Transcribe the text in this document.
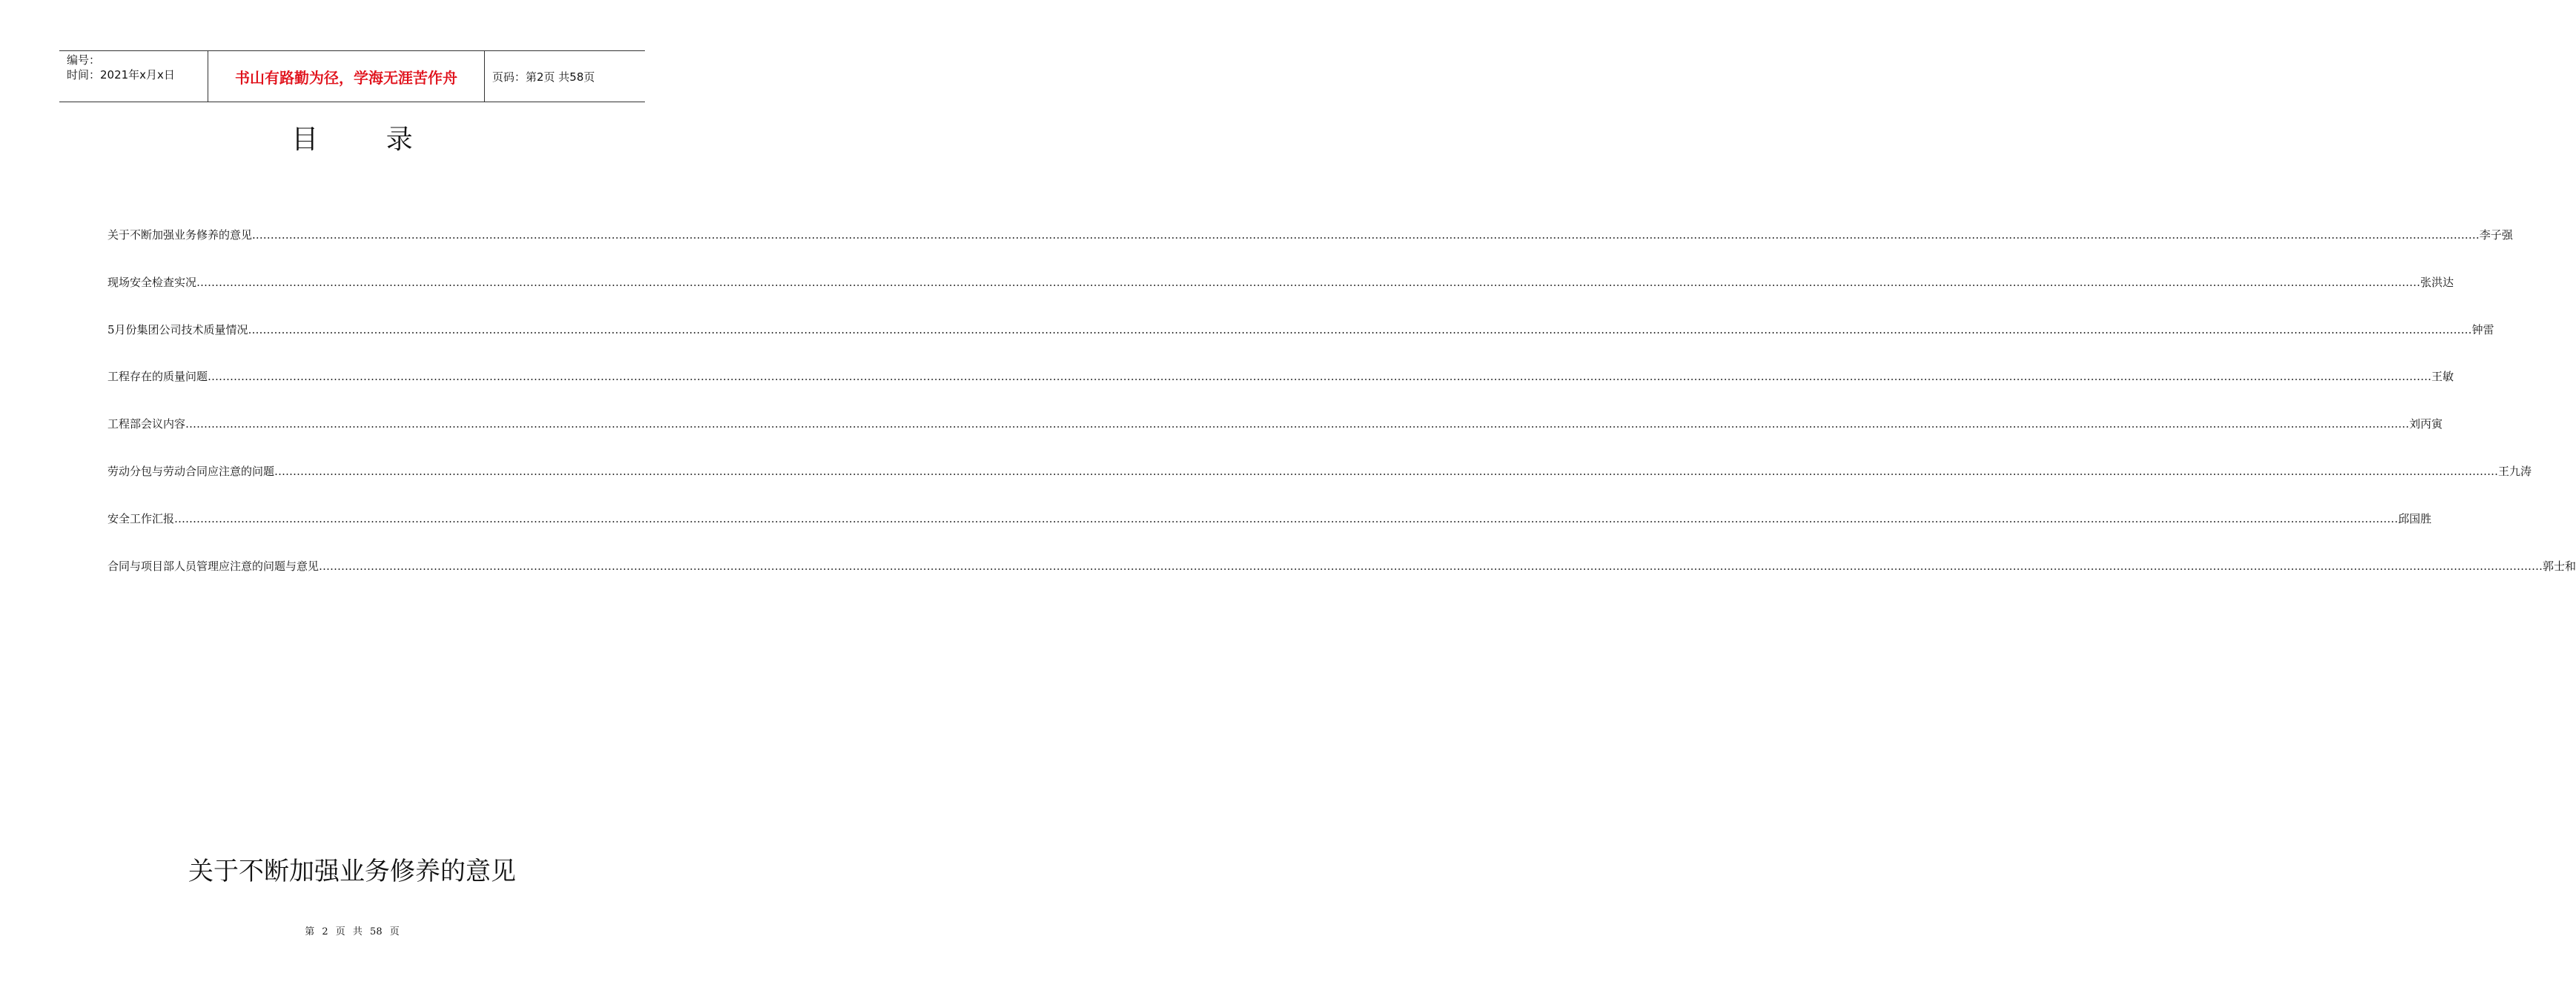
编号：
时间：2021年x月x日	书山有路勤为径，学海无涯苦作舟	页码：第2页 共58页
目 录
关于不断加强业务修养的意见. …………………………………………………………………………………………………………………………………………………………………………………………………………………………………………………………………………………………………………………………………………………………………………………………………………………………………………………………………………………………………………………………………………………… 李子强
现场安全检查实况 …………………………………………………………………………………………………………………………………………………………………………………………………………………………………………………………………………………………………………………………………………………………………………………………………………………………………………………………………………………………………………………………………………………… 张洪达
5月份集团公司技术质量情况 …………………………………………………………………………………………………………………………………………………………………………………………………………………………………………………………………………………………………………………………………………………………………………………………………………………………………………………………………………………………………………………………………………………… 钟雷
工程存在的质量问题 …………………………………………………………………………………………………………………………………………………………………………………………………………………………………………………………………………………………………………………………………………………………………………………………………………………………………………………………………………………………………………………………………………………… 王敏
工程部会议内容 …………………………………………………………………………………………………………………………………………………………………………………………………………………………………………………………………………………………………………………………………………………………………………………………………………………………………………………………………………………………………………………………………………………… 刘丙寅
劳动分包与劳动合同应注意的问题 …………………………………………………………………………………………………………………………………………………………………………………………………………………………………………………………………………………………………………………………………………………………………………………………………………………………………………………………………………………………………………………………………………………… 王九涛
安全工作汇报 …………………………………………………………………………………………………………………………………………………………………………………………………………………………………………………………………………………………………………………………………………………………………………………………………………………………………………………………………………………………………………………………………………………… 邱国胜
合同与项目部人员管理应注意的问题与意见 …………………………………………………………………………………………………………………………………………………………………………………………………………………………………………………………………………………………………………………………………………………………………………………………………………………………………………………………………………………………………………………………………………………… 郭士和
关于不断加强业务修养的意见
第 2 页 共 58 页
